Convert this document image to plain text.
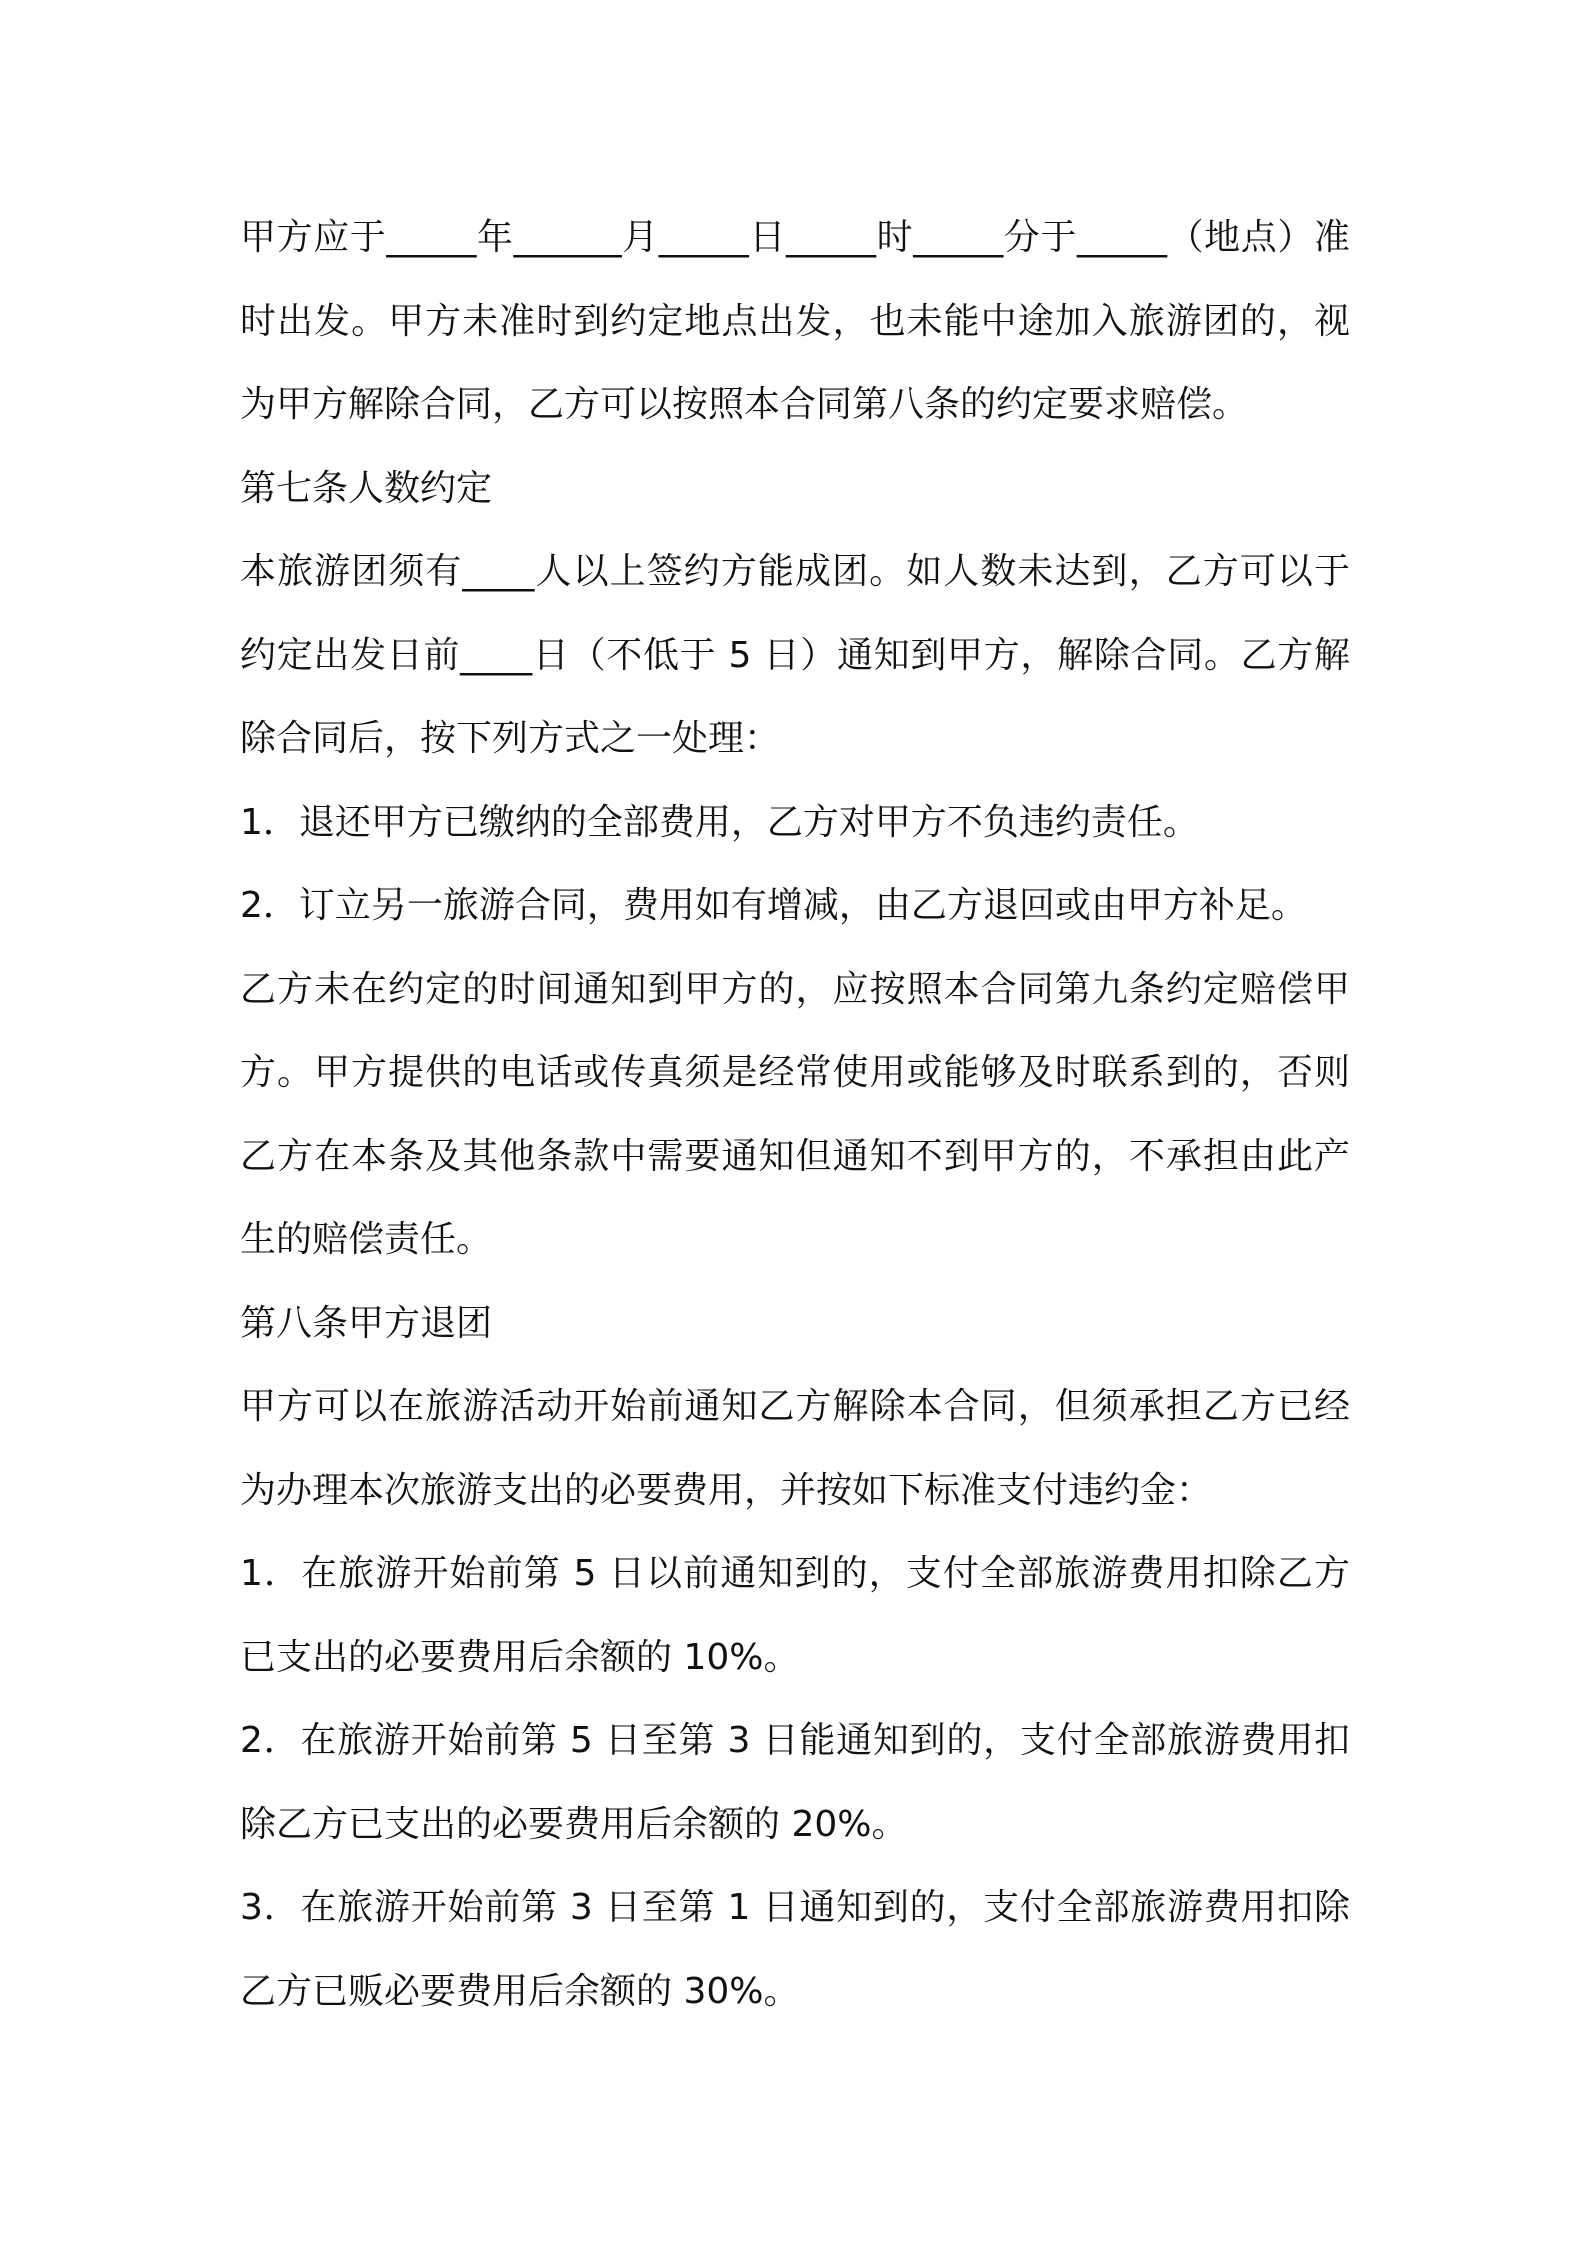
甲方应于_____年______月_____日_____时_____分于_____（地点）准时出发。甲方未准时到约定地点出发，也未能中途加入旅游团的，视为甲方解除合同，乙方可以按照本合同第八条的约定要求赔偿。

第七条人数约定

本旅游团须有____人以上签约方能成团。如人数未达到，乙方可以于约定出发日前____日（不低于 5 日）通知到甲方，解除合同。乙方解除合同后，按下列方式之一处理：

1．退还甲方已缴纳的全部费用，乙方对甲方不负违约责任。

2．订立另一旅游合同，费用如有增减，由乙方退回或由甲方补足。

乙方未在约定的时间通知到甲方的，应按照本合同第九条约定赔偿甲方。甲方提供的电话或传真须是经常使用或能够及时联系到的，否则乙方在本条及其他条款中需要通知但通知不到甲方的，不承担由此产生的赔偿责任。

第八条甲方退团

甲方可以在旅游活动开始前通知乙方解除本合同，但须承担乙方已经为办理本次旅游支出的必要费用，并按如下标准支付违约金：

1．在旅游开始前第 5 日以前通知到的，支付全部旅游费用扣除乙方已支出的必要费用后余额的 10%。

2．在旅游开始前第 5 日至第 3 日能通知到的，支付全部旅游费用扣除乙方已支出的必要费用后余额的 20%。

3．在旅游开始前第 3 日至第 1 日通知到的，支付全部旅游费用扣除乙方已贩必要费用后余额的 30%。
